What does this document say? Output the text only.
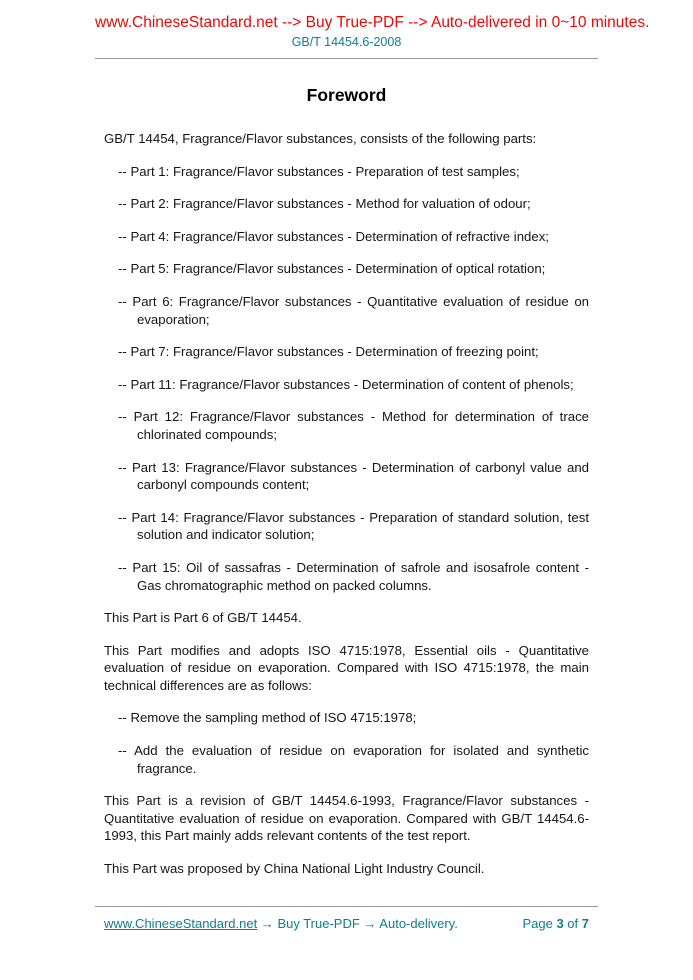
www.ChineseStandard.net --> Buy True-PDF --> Auto-delivered in 0~10 minutes.
GB/T 14454.6-2008
Foreword

GB/T 14454, Fragrance/Flavor substances, consists of the following parts:

-- Part 1: Fragrance/Flavor substances - Preparation of test samples;

-- Part 2: Fragrance/Flavor substances - Method for valuation of odour;

-- Part 4: Fragrance/Flavor substances - Determination of refractive index;

-- Part 5: Fragrance/Flavor substances - Determination of optical rotation;

-- Part 6: Fragrance/Flavor substances - Quantitative evaluation of residue on evaporation;

-- Part 7: Fragrance/Flavor substances - Determination of freezing point;

-- Part 11: Fragrance/Flavor substances - Determination of content of phenols;

-- Part 12: Fragrance/Flavor substances - Method for determination of trace chlorinated compounds;

-- Part 13: Fragrance/Flavor substances - Determination of carbonyl value and carbonyl compounds content;

-- Part 14: Fragrance/Flavor substances - Preparation of standard solution, test solution and indicator solution;

-- Part 15: Oil of sassafras - Determination of safrole and isosafrole content - Gas chromatographic method on packed columns.

This Part is Part 6 of GB/T 14454.

This Part modifies and adopts ISO 4715:1978, Essential oils - Quantitative evaluation of residue on evaporation. Compared with ISO 4715:1978, the main technical differences are as follows:

-- Remove the sampling method of ISO 4715:1978;

-- Add the evaluation of residue on evaporation for isolated and synthetic fragrance.

This Part is a revision of GB/T 14454.6-1993, Fragrance/Flavor substances - Quantitative evaluation of residue on evaporation. Compared with GB/T 14454.6-1993, this Part mainly adds relevant contents of the test report.

This Part was proposed by China National Light Industry Council.

www.ChineseStandard.net → Buy True-PDF → Auto-delivery.	Page 3 of 7
